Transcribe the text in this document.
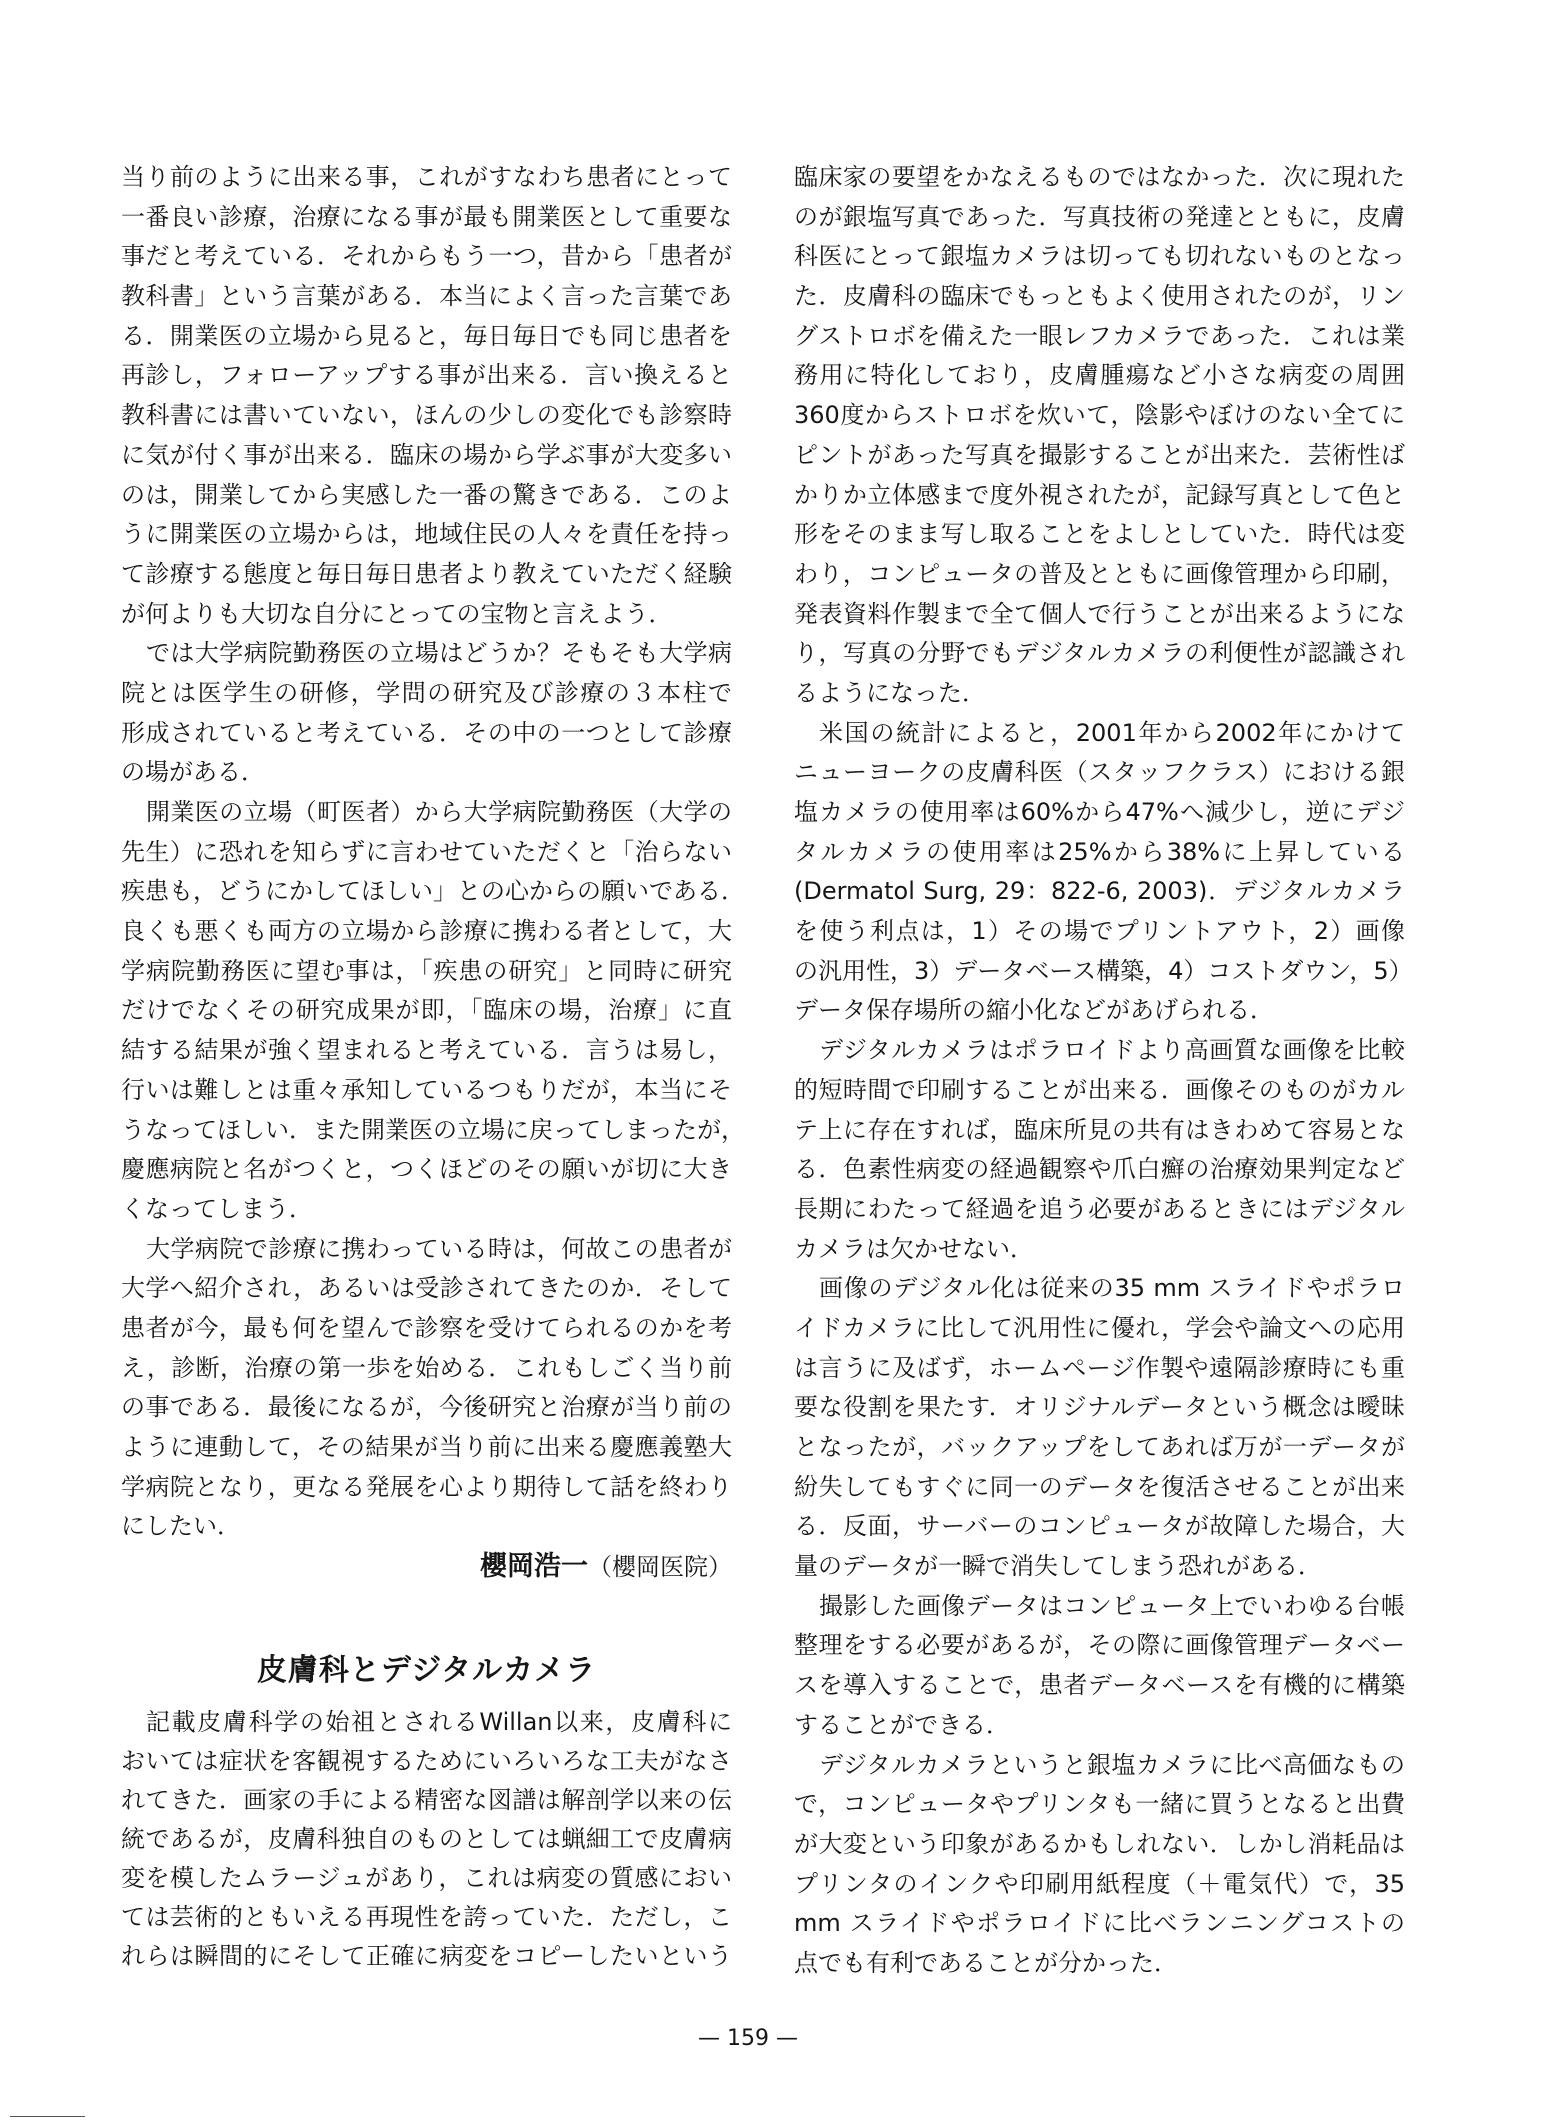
当り前のように出来る事，これがすなわち患者にとって
一番良い診療，治療になる事が最も開業医として重要な
事だと考えている．それからもう一つ，昔から「患者が
教科書」という言葉がある．本当によく言った言葉であ
る．開業医の立場から見ると，毎日毎日でも同じ患者を
再診し，フォローアップする事が出来る．言い換えると
教科書には書いていない，ほんの少しの変化でも診察時
に気が付く事が出来る．臨床の場から学ぶ事が大変多い
のは，開業してから実感した一番の驚きである．このよ
うに開業医の立場からは，地域住民の人々を責任を持っ
て診療する態度と毎日毎日患者より教えていただく経験
が何よりも大切な自分にとっての宝物と言えよう．
では大学病院勤務医の立場はどうか？そもそも大学病
院とは医学生の研修，学問の研究及び診療の３本柱で
形成されていると考えている．その中の一つとして診療
の場がある．
開業医の立場（町医者）から大学病院勤務医（大学の
先生）に恐れを知らずに言わせていただくと「治らない
疾患も，どうにかしてほしい」との心からの願いである．
良くも悪くも両方の立場から診療に携わる者として，大
学病院勤務医に望む事は，「疾患の研究」と同時に研究
だけでなくその研究成果が即，「臨床の場，治療」に直
結する結果が強く望まれると考えている．言うは易し，
行いは難しとは重々承知しているつもりだが，本当にそ
うなってほしい．また開業医の立場に戻ってしまったが，
慶應病院と名がつくと，つくほどのその願いが切に大き
くなってしまう．
大学病院で診療に携わっている時は，何故この患者が
大学へ紹介され，あるいは受診されてきたのか．そして
患者が今，最も何を望んで診察を受けてられるのかを考
え，診断，治療の第一歩を始める．これもしごく当り前
の事である．最後になるが，今後研究と治療が当り前の
ように連動して，その結果が当り前に出来る慶應義塾大
学病院となり，更なる発展を心より期待して話を終わり
にしたい．
櫻岡浩一（櫻岡医院）
皮膚科とデジタルカメラ
記載皮膚科学の始祖とされるWillan以来，皮膚科に
おいては症状を客観視するためにいろいろな工夫がなさ
れてきた．画家の手による精密な図譜は解剖学以来の伝
統であるが，皮膚科独自のものとしては蝋細工で皮膚病
変を模したムラージュがあり，これは病変の質感におい
ては芸術的ともいえる再現性を誇っていた．ただし，こ
れらは瞬間的にそして正確に病変をコピーしたいという
臨床家の要望をかなえるものではなかった．次に現れた
のが銀塩写真であった．写真技術の発達とともに，皮膚
科医にとって銀塩カメラは切っても切れないものとなっ
た．皮膚科の臨床でもっともよく使用されたのが，リン
グストロボを備えた一眼レフカメラであった．これは業
務用に特化しており，皮膚腫瘍など小さな病変の周囲
360度からストロボを炊いて，陰影やぼけのない全てに
ピントがあった写真を撮影することが出来た．芸術性ば
かりか立体感まで度外視されたが，記録写真として色と
形をそのまま写し取ることをよしとしていた．時代は変
わり，コンピュータの普及とともに画像管理から印刷，
発表資料作製まで全て個人で行うことが出来るようにな
り，写真の分野でもデジタルカメラの利便性が認識され
るようになった．
米国の統計によると，2001年から2002年にかけて
ニューヨークの皮膚科医（スタッフクラス）における銀
塩カメラの使用率は60%から47%へ減少し，逆にデジ
タルカメラの使用率は25%から38%に上昇している
(Dermatol Surg, 29：822-6, 2003)．デジタルカメラ
を使う利点は，1）その場でプリントアウト，2）画像
の汎用性，3）データベース構築，4）コストダウン，5）
データ保存場所の縮小化などがあげられる．
デジタルカメラはポラロイドより高画質な画像を比較
的短時間で印刷することが出来る．画像そのものがカル
テ上に存在すれば，臨床所見の共有はきわめて容易とな
る．色素性病変の経過観察や爪白癬の治療効果判定など
長期にわたって経過を追う必要があるときにはデジタル
カメラは欠かせない．
画像のデジタル化は従来の35 mm スライドやポラロ
イドカメラに比して汎用性に優れ，学会や論文への応用
は言うに及ばず，ホームページ作製や遠隔診療時にも重
要な役割を果たす．オリジナルデータという概念は曖昧
となったが，バックアップをしてあれば万が一データが
紛失してもすぐに同一のデータを復活させることが出来
る．反面，サーバーのコンピュータが故障した場合，大
量のデータが一瞬で消失してしまう恐れがある．
撮影した画像データはコンピュータ上でいわゆる台帳
整理をする必要があるが，その際に画像管理データベー
スを導入することで，患者データベースを有機的に構築
することができる．
デジタルカメラというと銀塩カメラに比べ高価なもの
で，コンピュータやプリンタも一緒に買うとなると出費
が大変という印象があるかもしれない．しかし消耗品は
プリンタのインクや印刷用紙程度（＋電気代）で，35
mm スライドやポラロイドに比べランニングコストの
点でも有利であることが分かった．
— 159 —
